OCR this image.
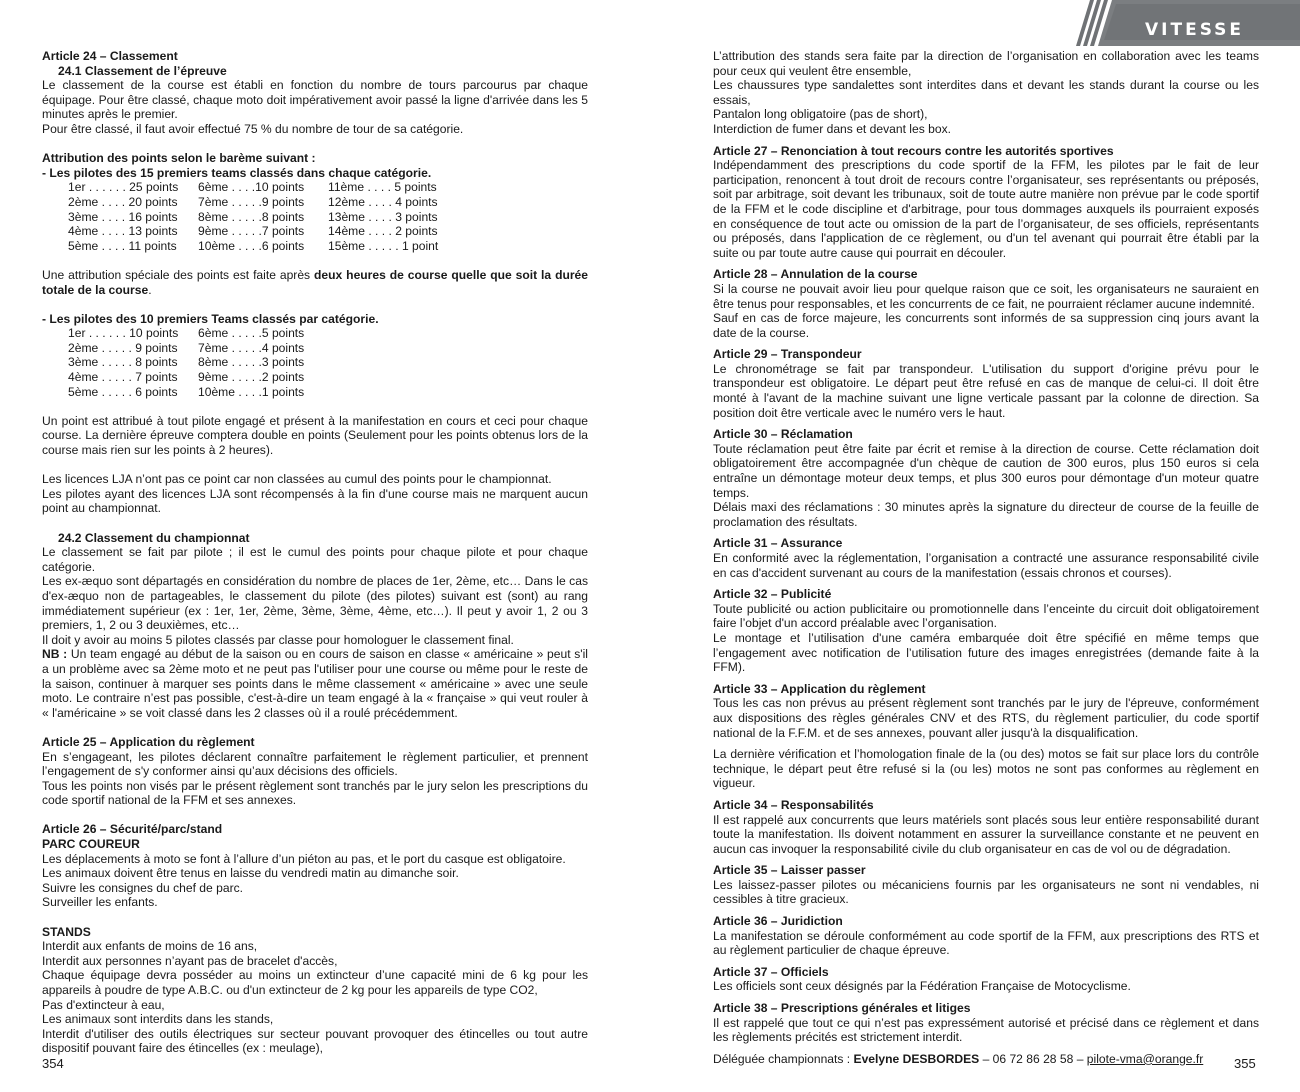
VITESSE

Article 24 – Classement

24.1 Classement de l’épreuve

Le classement de la course est établi en fonction du nombre de tours parcourus par chaque équipage. Pour être classé, chaque moto doit impérativement avoir passé la ligne d'arrivée dans les 5 minutes après le premier.

Pour être classé, il faut avoir effectué 75 % du nombre de tour de sa catégorie.

Attribution des points selon le barème suivant :

- Les pilotes des 15 premiers teams classés dans chaque catégorie.

1er . . . . . . 25 points	6ème . . . .10 points	11ème . . . . 5 points
2ème . . . . 20 points	7ème . . . . .9 points	12ème . . . . 4 points
3ème . . . . 16 points	8ème . . . . .8 points	13ème . . . . 3 points
4ème . . . . 13 points	9ème . . . . .7 points	14ème . . . . 2 points
5ème . . . . 11 points	10ème . . . .6 points	15ème . . . . . 1 point

Une attribution spéciale des points est faite après deux heures de course quelle que soit la durée totale de la course.

- Les pilotes des 10 premiers Teams classés par catégorie.

1er . . . . . . 10 points	6ème . . . . .5 points
2ème . . . . . 9 points	7ème . . . . .4 points
3ème . . . . . 8 points	8ème . . . . .3 points
4ème . . . . . 7 points	9ème . . . . .2 points
5ème . . . . . 6 points	10ème . . . .1 points

Un point est attribué à tout pilote engagé et présent à la manifestation en cours et ceci pour chaque course. La dernière épreuve comptera double en points (Seulement pour les points obtenus lors de la course mais rien sur les points à 2 heures).

Les licences LJA n’ont pas ce point car non classées au cumul des points pour le championnat.

Les pilotes ayant des licences LJA sont récompensés à la fin d'une course mais ne marquent aucun point au championnat.

24.2 Classement du championnat

Le classement se fait par pilote ; il est le cumul des points pour chaque pilote et pour chaque catégorie.

Les ex-æquo sont départagés en considération du nombre de places de 1er, 2ème, etc… Dans le cas d'ex-æquo non de partageables, le classement du pilote (des pilotes) suivant est (sont) au rang immédiatement supérieur (ex : 1er, 1er, 2ème, 3ème, 3ème, 4ème, etc…). Il peut y avoir 1, 2 ou 3 premiers, 1, 2 ou 3 deuxièmes, etc…

Il doit y avoir au moins 5 pilotes classés par classe pour homologuer le classement final.

NB : Un team engagé au début de la saison ou en cours de saison en classe « américaine » peut s'il a un problème avec sa 2ème moto et ne peut pas l'utiliser pour une course ou même pour le reste de la saison, continuer à marquer ses points dans le même classement « américaine » avec une seule moto. Le contraire n’est pas possible, c'est-à-dire un team engagé à la « française » qui veut rouler à « l'américaine » se voit classé dans les 2 classes où il a roulé précédemment.

Article 25 – Application du règlement

En s’engageant, les pilotes déclarent connaître parfaitement le règlement particulier, et prennent l’engagement de s'y conformer ainsi qu’aux décisions des officiels.

Tous les points non visés par le présent règlement sont tranchés par le jury selon les prescriptions du code sportif national de la FFM et ses annexes.

Article 26 – Sécurité/parc/stand

PARC COUREUR

Les déplacements à moto se font à l’allure d’un piéton au pas, et le port du casque est obligatoire.

Les animaux doivent être tenus en laisse du vendredi matin au dimanche soir.

Suivre les consignes du chef de parc.

Surveiller les enfants.

STANDS

Interdit aux enfants de moins de 16 ans,

Interdit aux personnes n’ayant pas de bracelet d'accès,

Chaque équipage devra posséder au moins un extincteur d’une capacité mini de 6 kg pour les appareils à poudre de type A.B.C. ou d'un extincteur de 2 kg pour les appareils de type CO2,

Pas d'extincteur à eau,

Les animaux sont interdits dans les stands,

Interdit d'utiliser des outils électriques sur secteur pouvant provoquer des étincelles ou tout autre dispositif pouvant faire des étincelles (ex : meulage),

L’attribution des stands sera faite par la direction de l’organisation en collaboration avec les teams pour ceux qui veulent être ensemble,

Les chaussures type sandalettes sont interdites dans et devant les stands durant la course ou les essais,

Pantalon long obligatoire (pas de short),

Interdiction de fumer dans et devant les box.

Article 27 – Renonciation à tout recours contre les autorités sportives

Indépendamment des prescriptions du code sportif de la FFM, les pilotes par le fait de leur participation, renoncent à tout droit de recours contre l’organisateur, ses représentants ou préposés, soit par arbitrage, soit devant les tribunaux, soit de toute autre manière non prévue par le code sportif de la FFM et le code discipline et d'arbitrage, pour tous dommages auxquels ils pourraient exposés en conséquence de tout acte ou omission de la part de l’organisateur, de ses officiels, représentants ou préposés, dans l'application de ce règlement, ou d'un tel avenant qui pourrait être établi par la suite ou par toute autre cause qui pourrait en découler.

Article 28 – Annulation de la course

Si la course ne pouvait avoir lieu pour quelque raison que ce soit, les organisateurs ne sauraient en être tenus pour responsables, et les concurrents de ce fait, ne pourraient réclamer aucune indemnité.

Sauf en cas de force majeure, les concurrents sont informés de sa suppression cinq jours avant la date de la course.

Article 29 – Transpondeur

Le chronométrage se fait par transpondeur. L'utilisation du support d'origine prévu pour le transpondeur est obligatoire. Le départ peut être refusé en cas de manque de celui-ci. Il doit être monté à l'avant de la machine suivant une ligne verticale passant par la colonne de direction. Sa position doit être verticale avec le numéro vers le haut.

Article 30 – Réclamation

Toute réclamation peut être faite par écrit et remise à la direction de course. Cette réclamation doit obligatoirement être accompagnée d'un chèque de caution de 300 euros, plus 150 euros si cela entraîne un démontage moteur deux temps, et plus 300 euros pour démontage d'un moteur quatre temps.

Délais maxi des réclamations : 30 minutes après la signature du directeur de course de la feuille de proclamation des résultats.

Article 31 – Assurance

En conformité avec la réglementation, l’organisation a contracté une assurance responsabilité civile en cas d'accident survenant au cours de la manifestation (essais chronos et courses).

Article 32 – Publicité

Toute publicité ou action publicitaire ou promotionnelle dans l’enceinte du circuit doit obligatoirement faire l’objet d'un accord préalable avec l’organisation.

Le montage et l’utilisation d'une caméra embarquée doit être spécifié en même temps que l’engagement avec notification de l’utilisation future des images enregistrées (demande faite à la FFM).

Article 33 – Application du règlement

Tous les cas non prévus au présent règlement sont tranchés par le jury de l'épreuve, conformément aux dispositions des règles générales CNV et des RTS, du règlement particulier, du code sportif national de la F.F.M. et de ses annexes, pouvant aller jusqu'à la disqualification.

La dernière vérification et l’homologation finale de la (ou des) motos se fait sur place lors du contrôle technique, le départ peut être refusé si la (ou les) motos ne sont pas conformes au règlement en vigueur.

Article 34 – Responsabilités

Il est rappelé aux concurrents que leurs matériels sont placés sous leur entière responsabilité durant toute la manifestation. Ils doivent notamment en assurer la surveillance constante et ne peuvent en aucun cas invoquer la responsabilité civile du club organisateur en cas de vol ou de dégradation.

Article 35 – Laisser passer

Les laissez-passer pilotes ou mécaniciens fournis par les organisateurs ne sont ni vendables, ni cessibles à titre gracieux.

Article 36 – Juridiction

La manifestation se déroule conformément au code sportif de la FFM, aux prescriptions des RTS et au règlement particulier de chaque épreuve.

Article 37 – Officiels

Les officiels sont ceux désignés par la Fédération Française de Motocyclisme.

Article 38 – Prescriptions générales et litiges

Il est rappelé que tout ce qui n’est pas expressément autorisé et précisé dans ce règlement et dans les règlements précités est strictement interdit.

Déléguée championnats : Evelyne DESBORDES – 06 72 86 28 58 – pilote-vma@orange.fr

354	355
